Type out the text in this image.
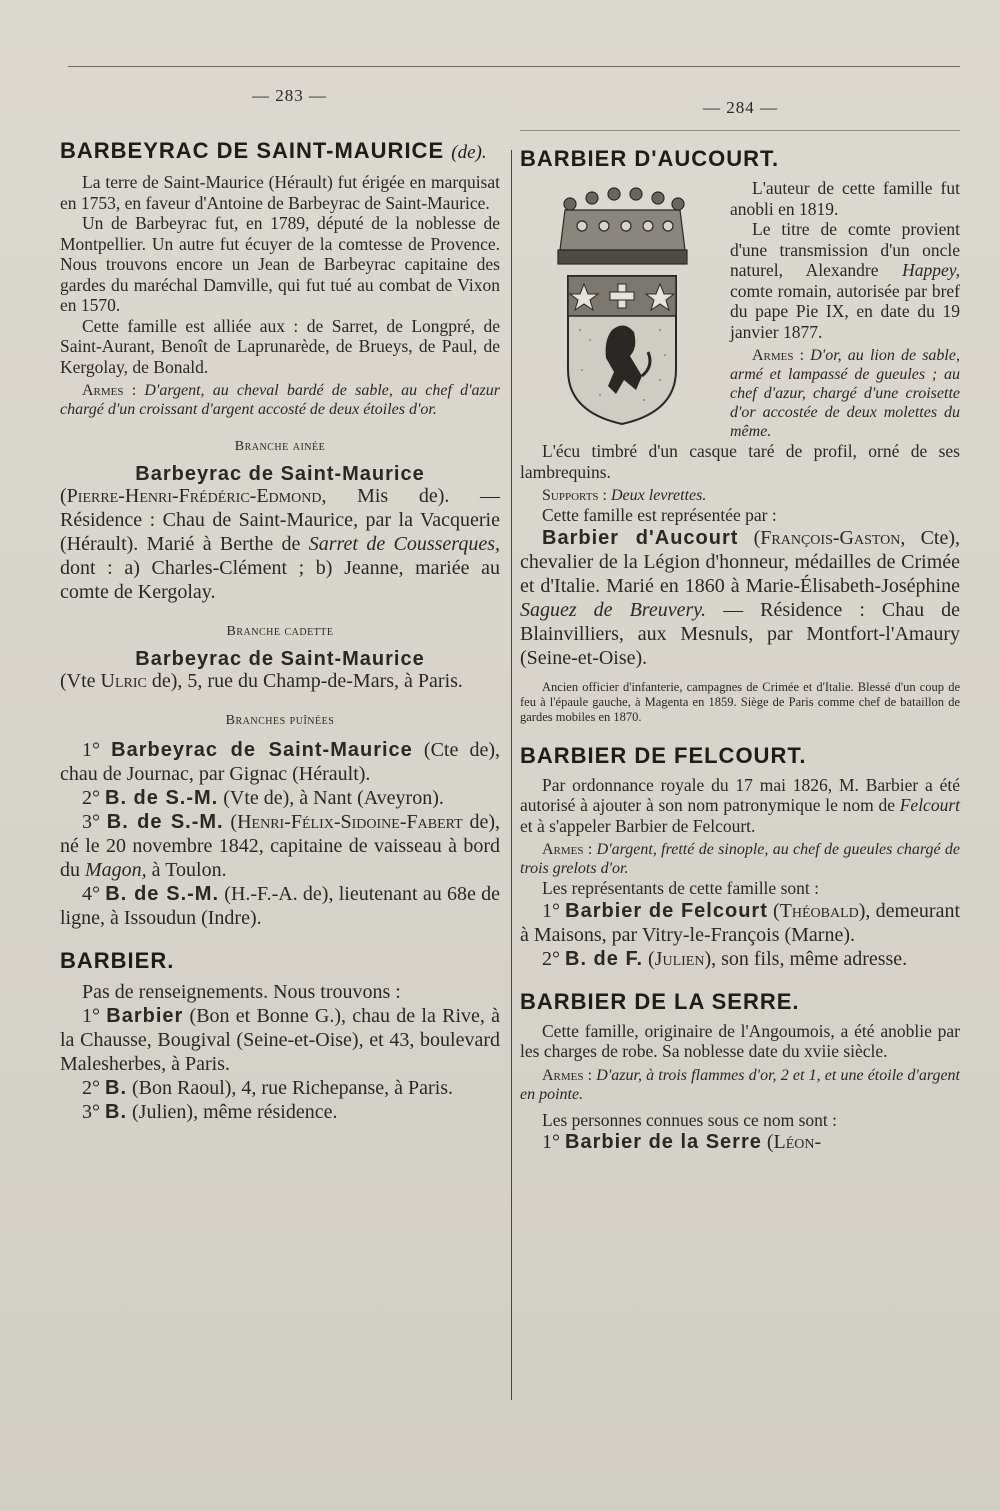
— 283 —
— 284 —
BARBEYRAC DE SAINT-MAURICE (de).

La terre de Saint-Maurice (Hérault) fut érigée en marquisat en 1753, en faveur d'Antoine de Barbeyrac de Saint-Maurice.

Un de Barbeyrac fut, en 1789, député de la noblesse de Montpellier. Un autre fut écuyer de la comtesse de Provence. Nous trouvons encore un Jean de Barbeyrac capitaine des gardes du maréchal Damville, qui fut tué au combat de Vixon en 1570.

Cette famille est alliée aux : de Sarret, de Longpré, de Saint-Aurant, Benoît de Laprunarède, de Brueys, de Paul, de Kergolay, de Bonald.

Armes : D'argent, au cheval bardé de sable, au chef d'azur chargé d'un croissant d'argent accosté de deux étoiles d'or.

Branche ainée
Barbeyrac de Saint-Maurice

(Pierre-Henri-Frédéric-Edmond, Mis de). — Résidence : Chau de Saint-Maurice, par la Vacquerie (Hérault). Marié à Berthe de Sarret de Cousserques, dont : a) Charles-Clément ; b) Jeanne, mariée au comte de Kergolay.

Branche cadette
Barbeyrac de Saint-Maurice

(Vte Ulric de), 5, rue du Champ-de-Mars, à Paris.

Branches puînées

1° Barbeyrac de Saint-Maurice (Cte de), chau de Journac, par Gignac (Hérault).

2° B. de S.-M. (Vte de), à Nant (Aveyron).

3° B. de S.-M. (Henri-Félix-Sidoine-Fabert de), né le 20 novembre 1842, capitaine de vaisseau à bord du Magon, à Toulon.

4° B. de S.-M. (H.-F.-A. de), lieutenant au 68e de ligne, à Issoudun (Indre).

BARBIER.

Pas de renseignements. Nous trouvons :

1° Barbier (Bon et Bonne G.), chau de la Rive, à la Chausse, Bougival (Seine-et-Oise), et 43, boulevard Malesherbes, à Paris.

2° B. (Bon Raoul), 4, rue Richepanse, à Paris.

3° B. (Julien), même résidence.

BARBIER D'AUCOURT.

L'auteur de cette famille fut anobli en 1819.

Le titre de comte provient d'une transmission d'un oncle naturel, Alexandre Happey, comte romain, autorisée par bref du pape Pie IX, en date du 19 janvier 1877.

Armes : D'or, au lion de sable, armé et lampassé de gueules ; au chef d'azur, chargé d'une croisette d'or accostée de deux molettes du même.

L'écu timbré d'un casque taré de profil, orné de ses lambrequins.

Supports : Deux levrettes.

Cette famille est représentée par :

Barbier d'Aucourt (François-Gaston, Cte), chevalier de la Légion d'honneur, médailles de Crimée et d'Italie. Marié en 1860 à Marie-Élisabeth-Joséphine Saguez de Breuvery. — Résidence : Chau de Blainvilliers, aux Mesnuls, par Montfort-l'Amaury (Seine-et-Oise).

Ancien officier d'infanterie, campagnes de Crimée et d'Italie. Blessé d'un coup de feu à l'épaule gauche, à Magenta en 1859. Siège de Paris comme chef de bataillon de gardes mobiles en 1870.

BARBIER DE FELCOURT.

Par ordonnance royale du 17 mai 1826, M. Barbier a été autorisé à ajouter à son nom patronymique le nom de Felcourt et à s'appeler Barbier de Felcourt.

Armes : D'argent, fretté de sinople, au chef de gueules chargé de trois grelots d'or.

Les représentants de cette famille sont :

1° Barbier de Felcourt (Théobald), demeurant à Maisons, par Vitry-le-François (Marne).

2° B. de F. (Julien), son fils, même adresse.

BARBIER DE LA SERRE.

Cette famille, originaire de l'Angoumois, a été anoblie par les charges de robe. Sa noblesse date du xviie siècle.

Armes : D'azur, à trois flammes d'or, 2 et 1, et une étoile d'argent en pointe.

Les personnes connues sous ce nom sont :

1° Barbier de la Serre (Léon-
